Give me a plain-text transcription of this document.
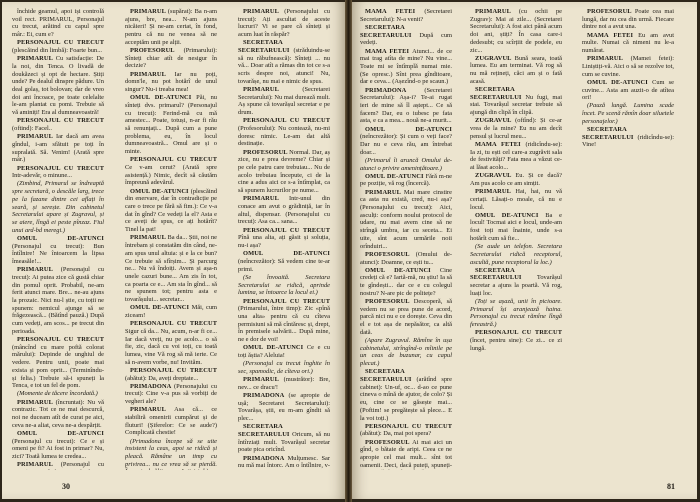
închide geamul, apoi iși controlă voil rect. PRIMARUL, Personajul cu trecut, arătind cu capul spre mâr.: Ei, cum e?

PERSONAJUL CU TRECUT (plescăind din limbă): Foarte bun...

PRIMARUL Cu satisfacție: De la noi, din Tenca. O livadă de doukăzeci și opt de hectare. Știți unde? Pe dealul dinspre pădure. Un deal golaș, tot bolovan; dar de vreo doi ani încoace, pe toate celelalte le-am plantat cu pomi. Trebuie să vă aminiți! Era al dumneavoastră!

PERSONAJUL CU TRECUT (oftind): Facel..

PRIMARUL Iar dacă am avea gîndul, i-am sfătuit pe toți în supralată. Să. Venim! (Arată spre mâr.)

PERSONAJUL CU TRECUT Intr-adevăr, o minune...

(Zimbind, Primarul se îndreaptă spre secretară, o descăle larg, trece pe la fazane dintre cei aflați în seară, și serește. Din cabinetul Secretarului apare și Zugravul, și se aiere, lîngă ei peste pînzaz. Fiul unui ard-bd meregi.)

OMUL DE-ATUNCI (Personajul cu trecut): Bun întîlnire! Ne întoarcem la lipsa îmeasăle!...

PRIMARUL (Personajul cu trecut): Ai putea zice că gustă chiar din pomul oprit. Probabil, ne-am ferit atunci mare. Bre... ne-au ajuns la prozaic. Nici nu-l știe, cu toții ne spunem: nemicul ajunge să se frăgezească... (Bătînd pauză.) După cum vedeți, am scos... pe trecut din perioada.

PERSONAJUL CU TRECUT (mâncînd cu mare poftă colorat mărului): Depinde de unghiul de vedere. Pentru unii, poate mai exista și pom oprit... (Terminîndu-și felia.) Trebuie să-i spuneți la Tenca, e tot un fel de pom.

(Momente de tăcere încordată.)

PRIMARUL (încruntat): Nu vă contrazic. Tot ce ne mai descurcă, noi ne duceam atît de curat pe aici, ceva ne-a aliat, ceva ne-a despărțit.

OMUL DE-ATUNCI (Personajul cu trecut): Ce e și omeni pe fi? Ai fost in primar? Nu, zici? Toată lumea te credea...

PRIMARUL (Personajul cu

PRIMARUL (supărat): Ba n-am ajuns, bre, nea... N-am ajuns nicăieri! Și ne-am certat, în fond, pentru că nu ne venea să ne acceptăm unii pe alții.

PROFESORUL (Primarului): Sînteți chiar atît de nesigur în decizie?

PRIMARUL Iar nu poți, domn'le, nu pot hotărî de unul singur? Nu-i treaba mea!

OMUL DE-ATUNCI Păi, nu sînteți dvs. primarul? (Personajul cu trecut): Ferind-mă cu mă amestec... Poate, totuși, n-ar fi rău să renunțați... După cum a pune problema, eu, în locul dumneavoastră... Omul are și o minte.

PERSONAJUL CU TRECUT Ce v-am cerut? (Arată spre asistență.) Nimic, decît să căutăm împreună adevărul.

OMUL DE-ATUNCI (plescăind din enervare, dar în contradicție pe care o trece pe fără să fim.): Ce v-a dat în gînd? Ce vedeți la el? Asta e ce aveți de spus, ce ați hotărît? Tinel la pat!

PRIMARUL Ba da... Știi, noi ne întrebam și constatăm din când, ne-am spus unul altuia: și e la ce bun? Ce trebuie să sfîrșim... Și parcurg ne... Nu vă îndoiți. Avem și așa-n unele cazuri bune... Am zis în tot, ca poarta ce e... Am sta în gînd... să ne spunem tot; pentru asta e tovarășului... secretar...

OMUL DE-ATUNCI Măi, cum ziceam!

PERSONAJUL CU TRECUT Sigur că da... Nu, acum, n-ar fi ce... Iar dacă vreți, nu pe acolo... o să fie, zic, dacă cu voi toți, cu toată lumea, vine Vă rog să mă ierte. Ce să n-avem vorbe, nu! Invităm.

PERSONAJUL CU TRECUT (abătut): Da, aveți dreptate...

PRIMADONA (Personajului cu trecut): Cine v-a pus să vorbiți de vegheri ale?

PRIMARUL Asa că... ce stabiliră omenirii cumpărut și de fluturi! (Șiferelor: Ce se aude?) Complicată chestie!

(Primadona începe să se uite insistent la ceas, apoi se ridică și pleacă. Rămâne un timp cu privirea... nu ce vrea să se pierdă.

PRIMARUL (Personajului cu trecut): Ați ascultat de aceste lucruri? Vi se pare că sînteți și acum luat în răspăr?

SECRETARA SECRETARULUI (străduindu-se să nu răbufnească): Sînteți ... nu vă... Doar atît a rămas din tot ce s-a scris despre noi, atunci! Nu, tovarășe, nu mai e nimic de spus.

PRIMARUL (Secretarei Secretarului): Nu mai durează mult. Aș spune că tovarășul secretar e pe drum.

PERSONAJUL CU TRECUT (Profesorului): Nu contează, nu-mi doresc nimic. Le-am dat altă destinație.

PROFESORUL Normal. Dar, aș zice, nu e prea devreme? Chiar și pe cele patru care trebuiau... Nu de acolo trebuiau începute, ci de la cine a adus aici ce s-a întîmplat, ca să spunem lucrurilor pe nume...

PRIMARUL Intr-unul din conace am avut o grădiniță, iar în altul, dispensar. (Personajului cu trecut): Asa ca... sana...

PERSONAJUL CU TRECUT Pînă una alta, ați găsit și soluția, nu-i așa?

OMUL DE-ATUNCI (neîncrezător): Să vedem cine te-ar primi.

(Se învoaită. Secretara Secretarului se ridică, aprinde lumina, se întoarce la locul ei.)

PERSONAJUL CU TRECUT (Primarului, între timp): Zic «pînă una alta» pentru că cu cîteva permisiuni să mă cîntăresc și, drept, în premisele salvării... După mine, ne e dor de voi!

OMUL DE-ATUNCI Ce e cu toți ăștia? Aleluia!

(Personajul cu trecut înghite în sec, spamodic, de cîteva ori.)

PRIMARUL (mustrător): Bre, nev... ce dracu'!

PRIMADONA (se apropie de ușă; Secretarei Secretarului): Tovarășa, știi, eu m-am gîndit să plec...

SECRETARA SECRETARULUI Oricum, să nu întîrziați mult. Tovarășul secretar poate pica oricînd.

PRIMADONA Mulțumesc. Sar nu mă mai întorc. Am o întîlnire, v-

30

MAMA FETEI (Secretarei Secretarului): N-a venit?

SECRETARA SECRETARULUI După cum vedeți.

MAMA FETEI Atunci... de ce mai trag atîta de mine? Nu vine... Toate mi se întîmplă numai mie. (Se opresc.) Sînt prea gînditoare, dar e ceva... (Așezînd-o pe scaun.)

PRIMADONA (Secretarei Secretarului): Așa-i? Te-ai rugat ieri de mine să îl aștept... Ce să facem? Dar, eu o iubesc pe fata asta, e ca a mea... nouă ne-a murit...

OMUL DE-ATUNCI (neîncrezător): Și cum o veți face? Dar nu e ceva rău, am întrebat doar...

(Primarul îi aruncă Omului de-atunci o privire amenințătoare.)

OMUL DE-ATUNCI Fără m-ne pe poziție, vă rog (încercă).

PRIMARUL Mai mare cinstire ca asta nu există, cred, nu-i așa? (Personajului cu trecut): Aici, asculți: conform noului protocol de udare, nu mai avem cine să ne strîngă umbra, iar cu seceta... Ei uite, sînt acum urmările noii orînduiri...

PROFESORUL (Omului de-atunci): Doamne, ce ești tu...

OMUL DE-ATUNCI Cine credeți că e? Iartă-mă, nu știu! Ia să te gîndești... dar ce e cu colegul nostru? N-are pic de politețe?

PROFESORUL Descoperă, să vedem nu se prea pune de acord, parcă nici nu e ce dorește. Ceva din el e tot așa de nepăsător, ca altă dată.

(Apare Zugravul. Rămîne în ușa cabinetului, strîngînd-o mîinile pe un ceas de buzunar, cu capul plecat.)

SECRETARA SECRETARULUI (arătînd spre cabinet): Un-uf, oc... d-ao ce pune cineva o mînă de ajutor, de colo? Și eu, cine ce se găsește mai... (Poftim! se pregătește să plece... E la voi toți.)

PERSONAJUL CU TRECUT (abătut): Da, mai pot spera?

PROFESORUL Ai mai aici un gînd, o bătaie de aripi. Ceea ce ne apropie cel mai mult... sînt tot oamenii. Deci, dacă puteți, spuneți-

PRIMARUL (cu ochii pe Zugrav): Mai ai zile... (Secretarei Secretarului): A fost aici până acum doi ani, știți? În casa care-i dedesubt; cu scîrțiit de podele, eu zic...

ZUGRAVUL Bună seara, toată lumea. Eu am terminat. Vă rog să nu mă rețineți, căci am și o fată acasă.

SECRETARA SECRETARULUI Nu fugi, mai stai. Tovarășul secretar trebuie să ajungă din clipă în clipă.

ZUGRAVUL (oftînd): Și ce-ar vrea de la mine? Eu nu am decît pensul și lucrul meu...

MAMA FETEI (ridicîndu-se): Ia zi, tu ești cel care-a zugrăvit sala de festivități? Fata mea a văzut ce-ai lăsat acolo...

ZUGRAVUL Eu. Și ce dacă? Am pus acolo ce am simțit.

PRIMARUL Hai, hai, nu vă certați. Lăsați-o moale, că nu e locul.

OMUL DE-ATUNCI Ba e locul! Tocmai aici e locul, unde-am fost toți mai înainte, unde s-a hotărît cum să fie...

(Se aude un telefon. Secretara Secretarului ridică receptorul, ascultă, pune receptorul la loc.)

SECRETARA SECRETARULUI Tovarășul secretar a ajuns la poartă. Vă rog, luați loc.

(Toți se așază, unii în picioare. Primarul își aranjează haina. Personajul cu trecut rămîne lîngă fereastră.)

PERSONAJUL CU TRECUT (încet, pentru sine): Ce zi... ce zi lungă.

PROFESORUL Poate cea mai lungă, dar nu cea din urmă. Fiecare dintre noi a avut una.

MAMA FETEI Eu am avut multe. Numai că nimeni nu le-a numărat.

PRIMARUL (Mamei fetei): Liniștiți-vă. Aici o să se rezolve tot, cum se cuvine.

OMUL DE-ATUNCI Cum se cuvine... Asta am auzit-o de atîtea ori!

(Pauză lungă. Lumina scade încet. Pe scenă rămîn doar siluetele personajelor.)

SECRETARA SECRETARULUI (ridicîndu-se): Vine!

81
